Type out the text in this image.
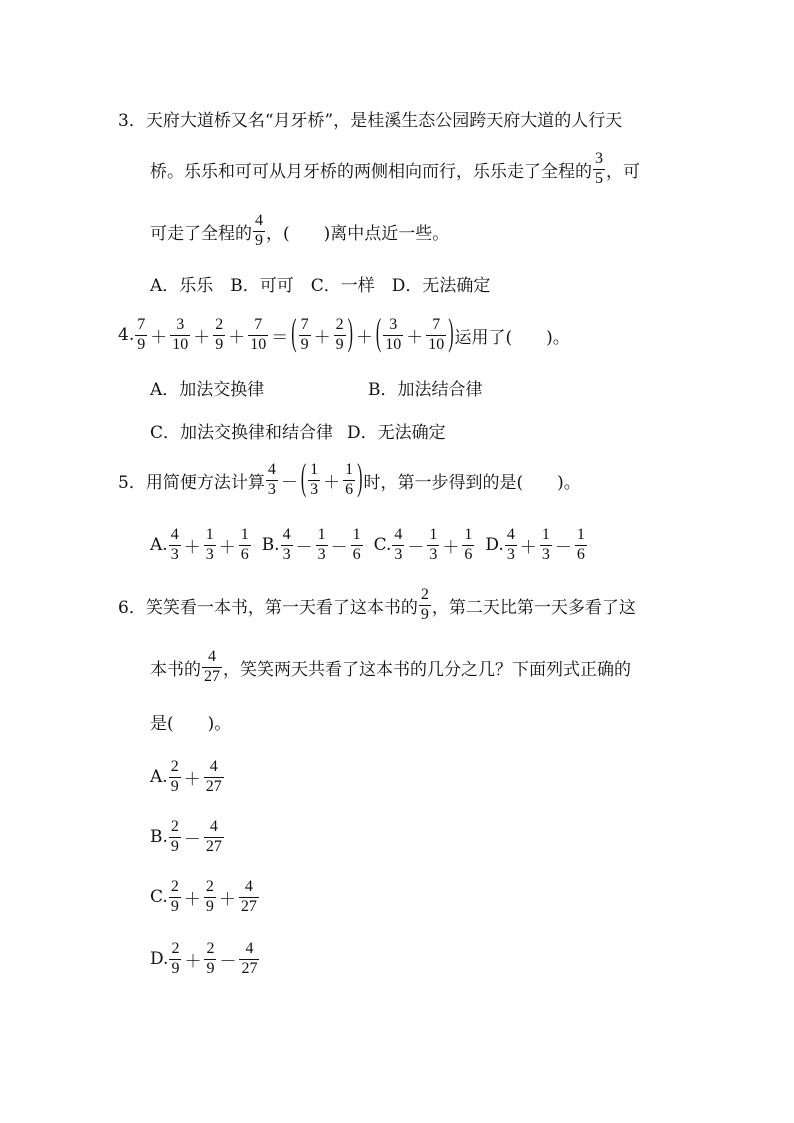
3． 天府大道桥又名“月牙桥”，是桂溪生态公园跨天府大道的人行天
桥。乐乐和可可从月牙桥的两侧相向而行，乐乐走了全程的 $\frac{3}{5}$ ，可
可走了全程的 $\frac{4}{9}$ ，(　　)离中点近一些。
A．乐乐　B．可可　C．一样　D．无法确定
4. $\frac{7}{9} + \frac{3}{10} + \frac{2}{9} + \frac{7}{10}$ ＝ ( $\frac{7}{9} + \frac{2}{9}$ ) ＋ ( $\frac{3}{10} + \frac{7}{10}$ ) 运用了(　　)。
A．加法交换律	B．加法结合律
C．加法交换律和结合律 D．无法确定
5． 用简便方法计算 $\frac{4}{3}$ － ( $\frac{1}{3} + \frac{1}{6}$ ) 时，第一步得到的是(　　)。
A. $\frac{4}{3} + \frac{1}{3} + \frac{1}{6} B$. $\frac{4}{3} - \frac{1}{3} - \frac{1}{6} C$. $\frac{4}{3} - \frac{1}{3} + \frac{1}{6} D$. $\frac{4}{3} + \frac{1}{3} - \frac{1}{6}$
6． 笑笑看一本书，第一天看了这本书的 $\frac{2}{9}$ ，第二天比第一天多看了这
本书的 $\frac{4}{27}$ ，笑笑两天共看了这本书的几分之几？下面列式正确的
是(　　)。
A. $\frac{2}{9} + \frac{4}{27}$
B. $\frac{2}{9} - \frac{4}{27}$
C. $\frac{2}{9} + \frac{2}{9} + \frac{4}{27}$
D. $\frac{2}{9} + \frac{2}{9} - \frac{4}{27}$
